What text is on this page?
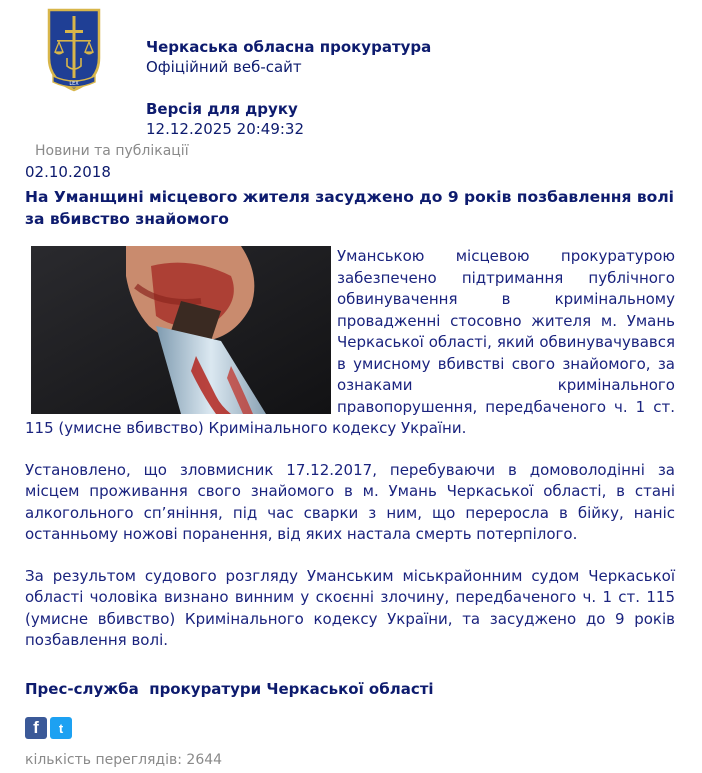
LEX
Черкаська обласна прокуратура
Офіційний веб-сайт
Версія для друку
12.12.2025 20:49:32
Новини та публікації
02.10.2018
На Уманщині місцевого жителя засуджено до 9 років позбавлення волі за вбивство знайомого

Уманською місцевою прокуратурою забезпечено підтримання публічного обвинувачення в кримінальному провадженні стосовно жителя м. Умань Черкаської області, який обвинувачувався в умисному вбивстві свого знайомого, за ознаками кримінального правопорушення, передбаченого ч. 1 ст. 115 (умисне вбивство) Кримінального кодексу України.

Установлено, що зловмисник 17.12.2017, перебуваючи в домоволодінні за місцем проживання свого знайомого в м. Умань Черкаської області, в стані алкогольного сп’яніння, під час сварки з ним, що переросла в бійку, наніс останньому ножові поранення, від яких настала смерть потерпілого.

За результом судового розгляду Уманським міськрайонним судом Черкаської області чоловіка визнано винним у скоєнні злочину, передбаченого ч. 1 ст. 115 (умисне вбивство) Кримінального кодексу України, та засуджено до 9 років позбавлення волі.

Прес-служба  прокуратури Черкаської області
f	t
кількість переглядів: 2644
